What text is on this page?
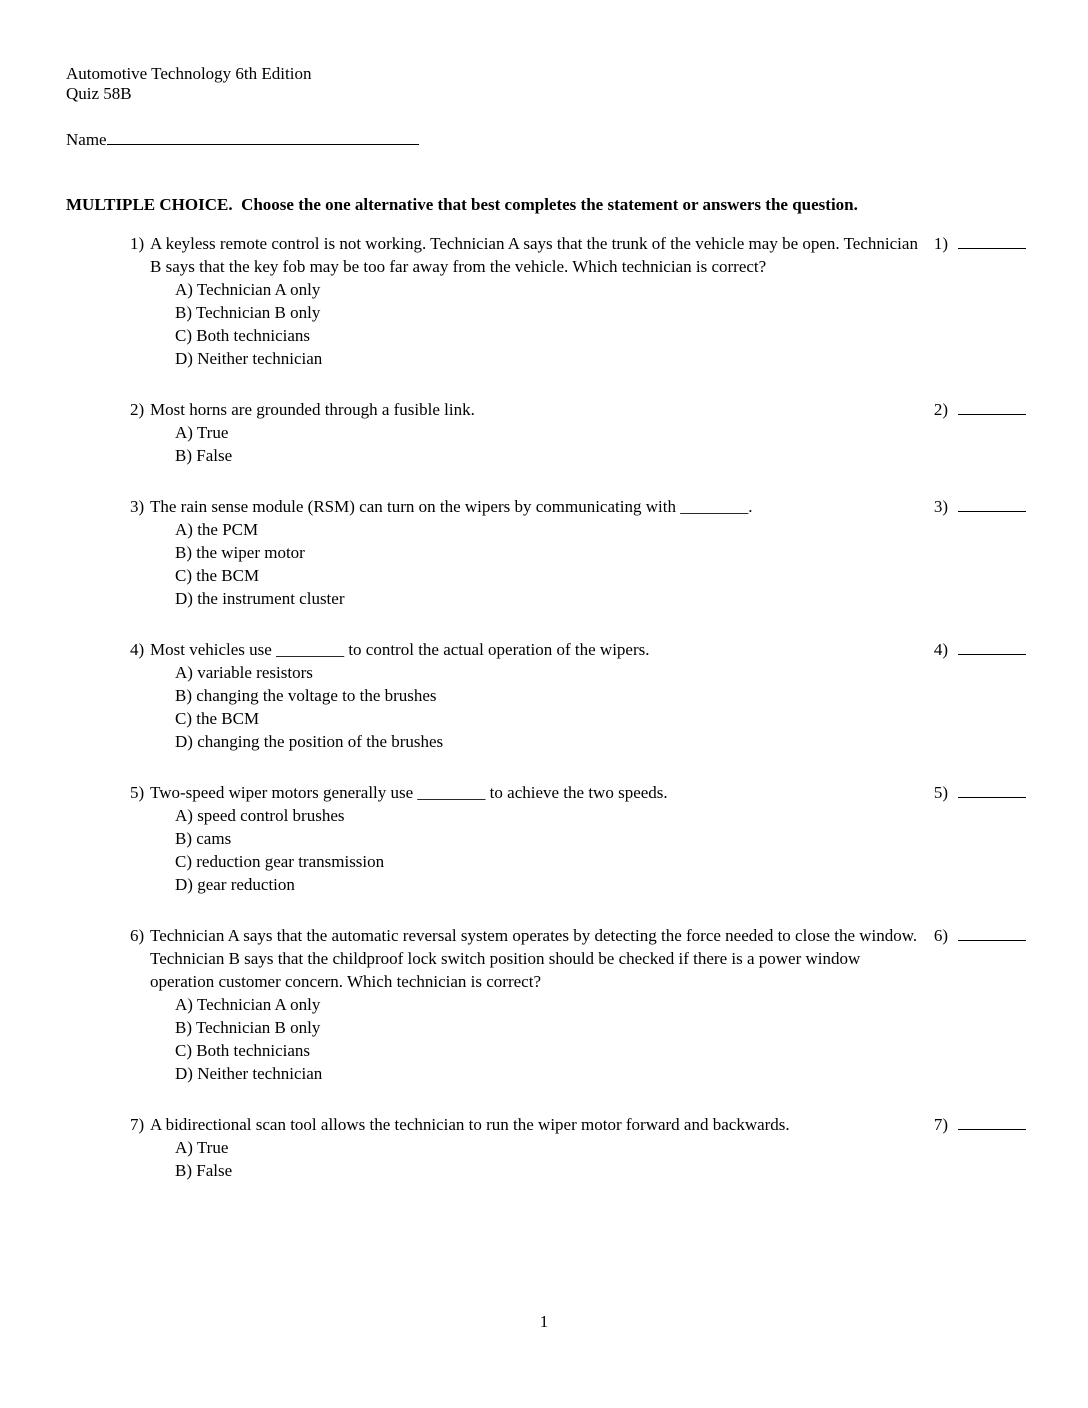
Automotive Technology 6th Edition
Quiz 58B
Name
MULTIPLE CHOICE.  Choose the one alternative that best completes the statement or answers the question.
1) A keyless remote control is not working. Technician A says that the trunk of the vehicle may be open. Technician B says that the key fob may be too far away from the vehicle. Which technician is correct?
1)
A) Technician A only
B) Technician B only
C) Both technicians
D) Neither technician
2) Most horns are grounded through a fusible link.	2)
A) True
B) False
3) The rain sense module (RSM) can turn on the wipers by communicating with ________.	3)
A) the PCM
B) the wiper motor
C) the BCM
D) the instrument cluster
4) Most vehicles use ________ to control the actual operation of the wipers.	4)
A) variable resistors
B) changing the voltage to the brushes
C) the BCM
D) changing the position of the brushes
5) Two-speed wiper motors generally use ________ to achieve the two speeds.	5)
A) speed control brushes
B) cams
C) reduction gear transmission
D) gear reduction
6) Technician A says that the automatic reversal system operates by detecting the force needed to close the window. Technician B says that the childproof lock switch position should be checked if there is a power window operation customer concern. Which technician is correct?
6)
A) Technician A only
B) Technician B only
C) Both technicians
D) Neither technician
7) A bidirectional scan tool allows the technician to run the wiper motor forward and backwards.	7)
A) True
B) False
1
